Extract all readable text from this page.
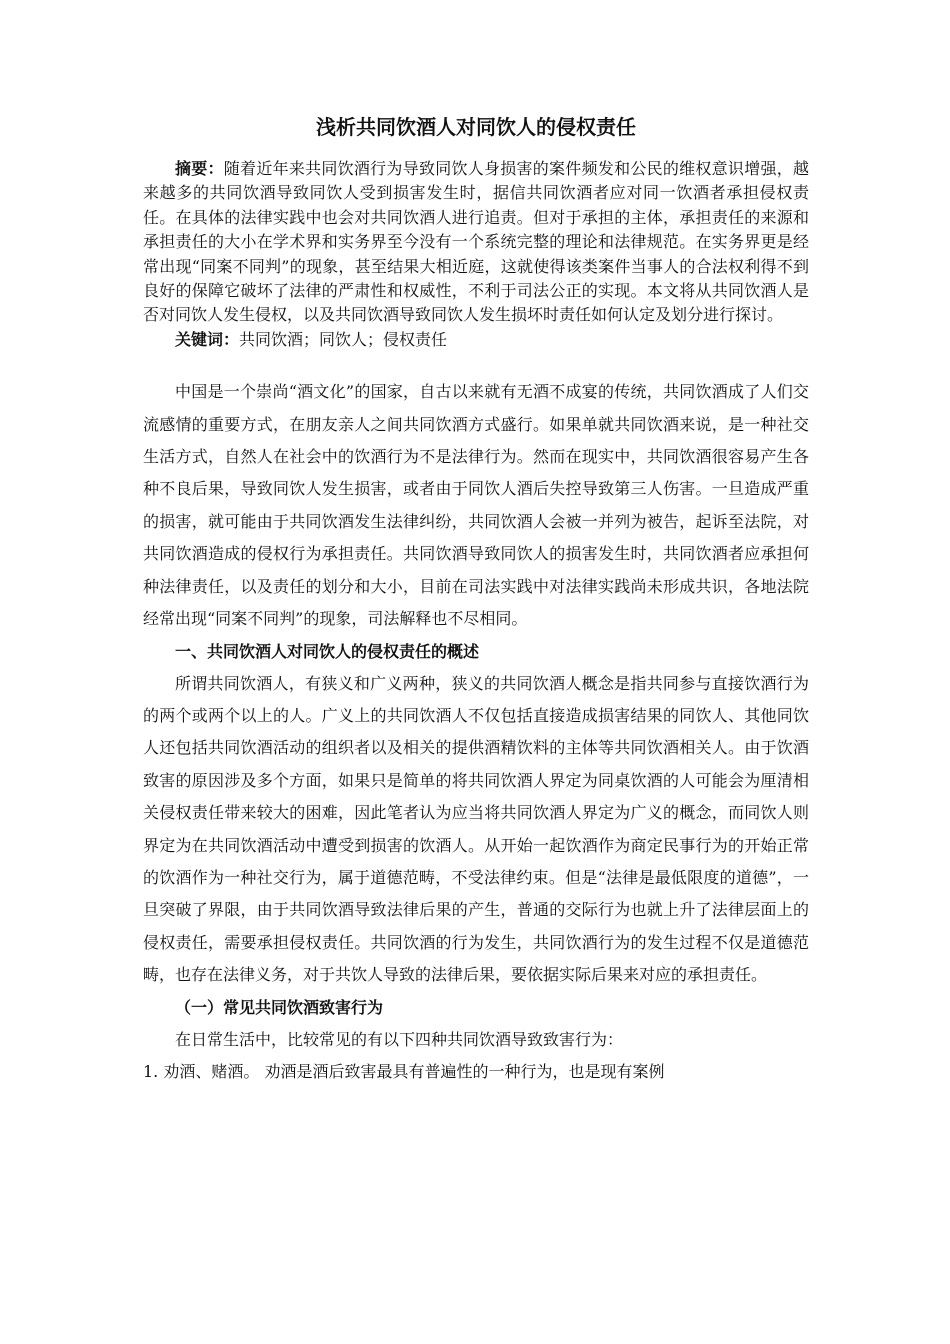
浅析共同饮酒人对同饮人的侵权责任

摘要：随着近年来共同饮酒行为导致同饮人身损害的案件频发和公民的维权意识增强，越来越多的共同饮酒导致同饮人受到损害发生时，据信共同饮酒者应对同一饮酒者承担侵权责任。在具体的法律实践中也会对共同饮酒人进行追责。但对于承担的主体，承担责任的来源和承担责任的大小在学术界和实务界至今没有一个系统完整的理论和法律规范。在实务界更是经常出现“同案不同判”的现象，甚至结果大相近庭，这就使得该类案件当事人的合法权利得不到良好的保障它破坏了法律的严肃性和权威性，不利于司法公正的实现。本文将从共同饮酒人是否对同饮人发生侵权，以及共同饮酒导致同饮人发生损坏时责任如何认定及划分进行探讨。

关键词：共同饮酒；同饮人；侵权责任

中国是一个崇尚“酒文化”的国家，自古以来就有无酒不成宴的传统，共同饮酒成了人们交流感情的重要方式，在朋友亲人之间共同饮酒方式盛行。如果单就共同饮酒来说，是一种社交生活方式，自然人在社会中的饮酒行为不是法律行为。然而在现实中，共同饮酒很容易产生各种不良后果，导致同饮人发生损害，或者由于同饮人酒后失控导致第三人伤害。一旦造成严重的损害，就可能由于共同饮酒发生法律纠纷，共同饮酒人会被一并列为被告，起诉至法院，对共同饮酒造成的侵权行为承担责任。共同饮酒导致同饮人的损害发生时，共同饮酒者应承担何种法律责任，以及责任的划分和大小，目前在司法实践中对法律实践尚未形成共识，各地法院经常出现“同案不同判”的现象，司法解释也不尽相同。

一、共同饮酒人对同饮人的侵权责任的概述

所谓共同饮酒人，有狭义和广义两种，狭义的共同饮酒人概念是指共同参与直接饮酒行为的两个或两个以上的人。广义上的共同饮酒人不仅包括直接造成损害结果的同饮人、其他同饮人还包括共同饮酒活动的组织者以及相关的提供酒精饮料的主体等共同饮酒相关人。由于饮酒致害的原因涉及多个方面，如果只是简单的将共同饮酒人界定为同桌饮酒的人可能会为厘清相关侵权责任带来较大的困难，因此笔者认为应当将共同饮酒人界定为广义的概念，而同饮人则界定为在共同饮酒活动中遭受到损害的饮酒人。从开始一起饮酒作为商定民事行为的开始正常的饮酒作为一种社交行为，属于道德范畴，不受法律约束。但是“法律是最低限度的道德”，一旦突破了界限，由于共同饮酒导致法律后果的产生，普通的交际行为也就上升了法律层面上的侵权责任，需要承担侵权责任。共同饮酒的行为发生，共同饮酒行为的发生过程不仅是道德范畴，也存在法律义务，对于共饮人导致的法律后果，要依据实际后果来对应的承担责任。

（一）常见共同饮酒致害行为

在日常生活中，比较常见的有以下四种共同饮酒导致致害行为：

1. 劝酒、赌酒。 劝酒是酒后致害最具有普遍性的一种行为，也是现有案例
